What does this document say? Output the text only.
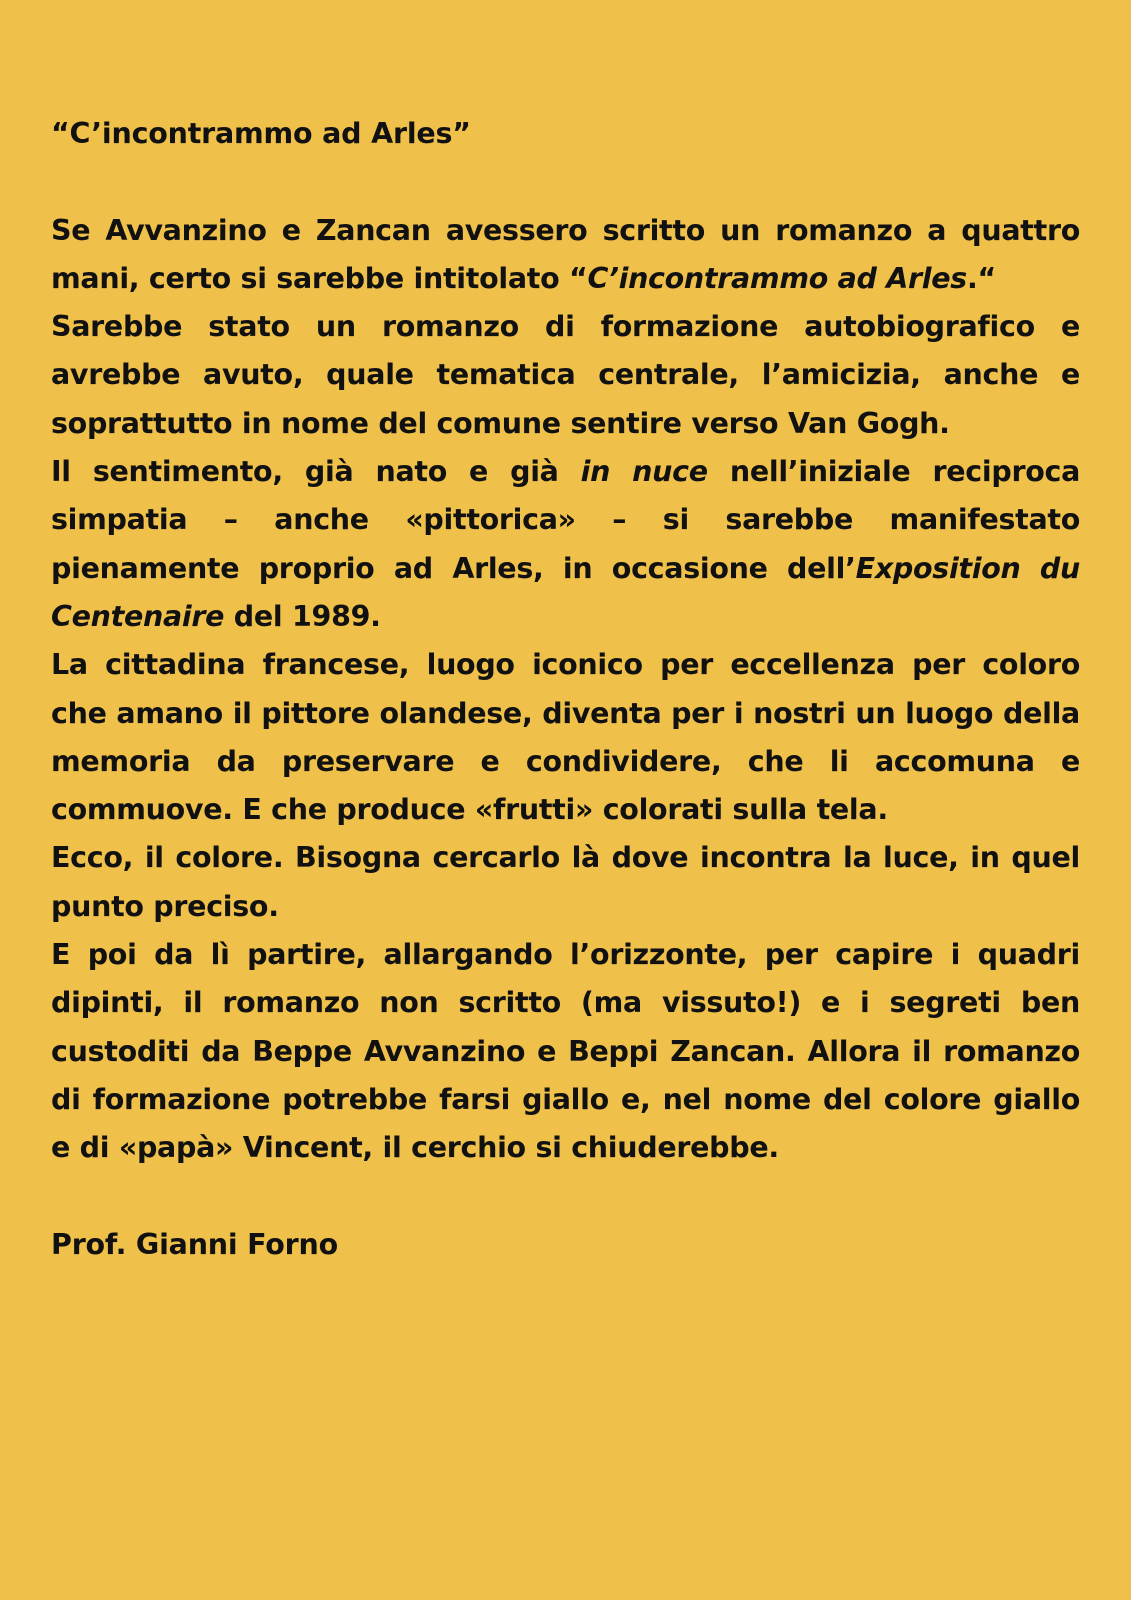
“C’incontrammo ad Arles”

Se Avvanzino e Zancan avessero scritto un romanzo a quattro mani, certo si sarebbe intitolato “C’incontrammo ad Arles.“

Sarebbe stato un romanzo di formazione autobiografico e avrebbe avuto, quale tematica centrale, l’amicizia, anche e soprattutto in nome del comune sentire verso Van Gogh.

Il sentimento, già nato e già in nuce nell’iniziale reciproca simpatia – anche «pittorica» – si sarebbe manifestato pienamente proprio ad Arles, in occasione dell’Exposition du Centenaire del 1989.

La cittadina francese, luogo iconico per eccellenza per coloro che amano il pittore olandese, diventa per i nostri un luogo della memoria da preservare e condividere, che li accomuna e commuove. E che produce «frutti» colorati sulla tela.

Ecco, il colore. Bisogna cercarlo là dove incontra la luce, in quel punto preciso.

E poi da lì partire, allargando l’orizzonte, per capire i quadri dipinti, il romanzo non scritto (ma vissuto!) e i segreti ben custoditi da Beppe Avvanzino e Beppi Zancan. Allora il romanzo di formazione potrebbe farsi giallo e, nel nome del colore giallo e di «papà» Vincent, il cerchio si chiuderebbe.

Prof. Gianni Forno
